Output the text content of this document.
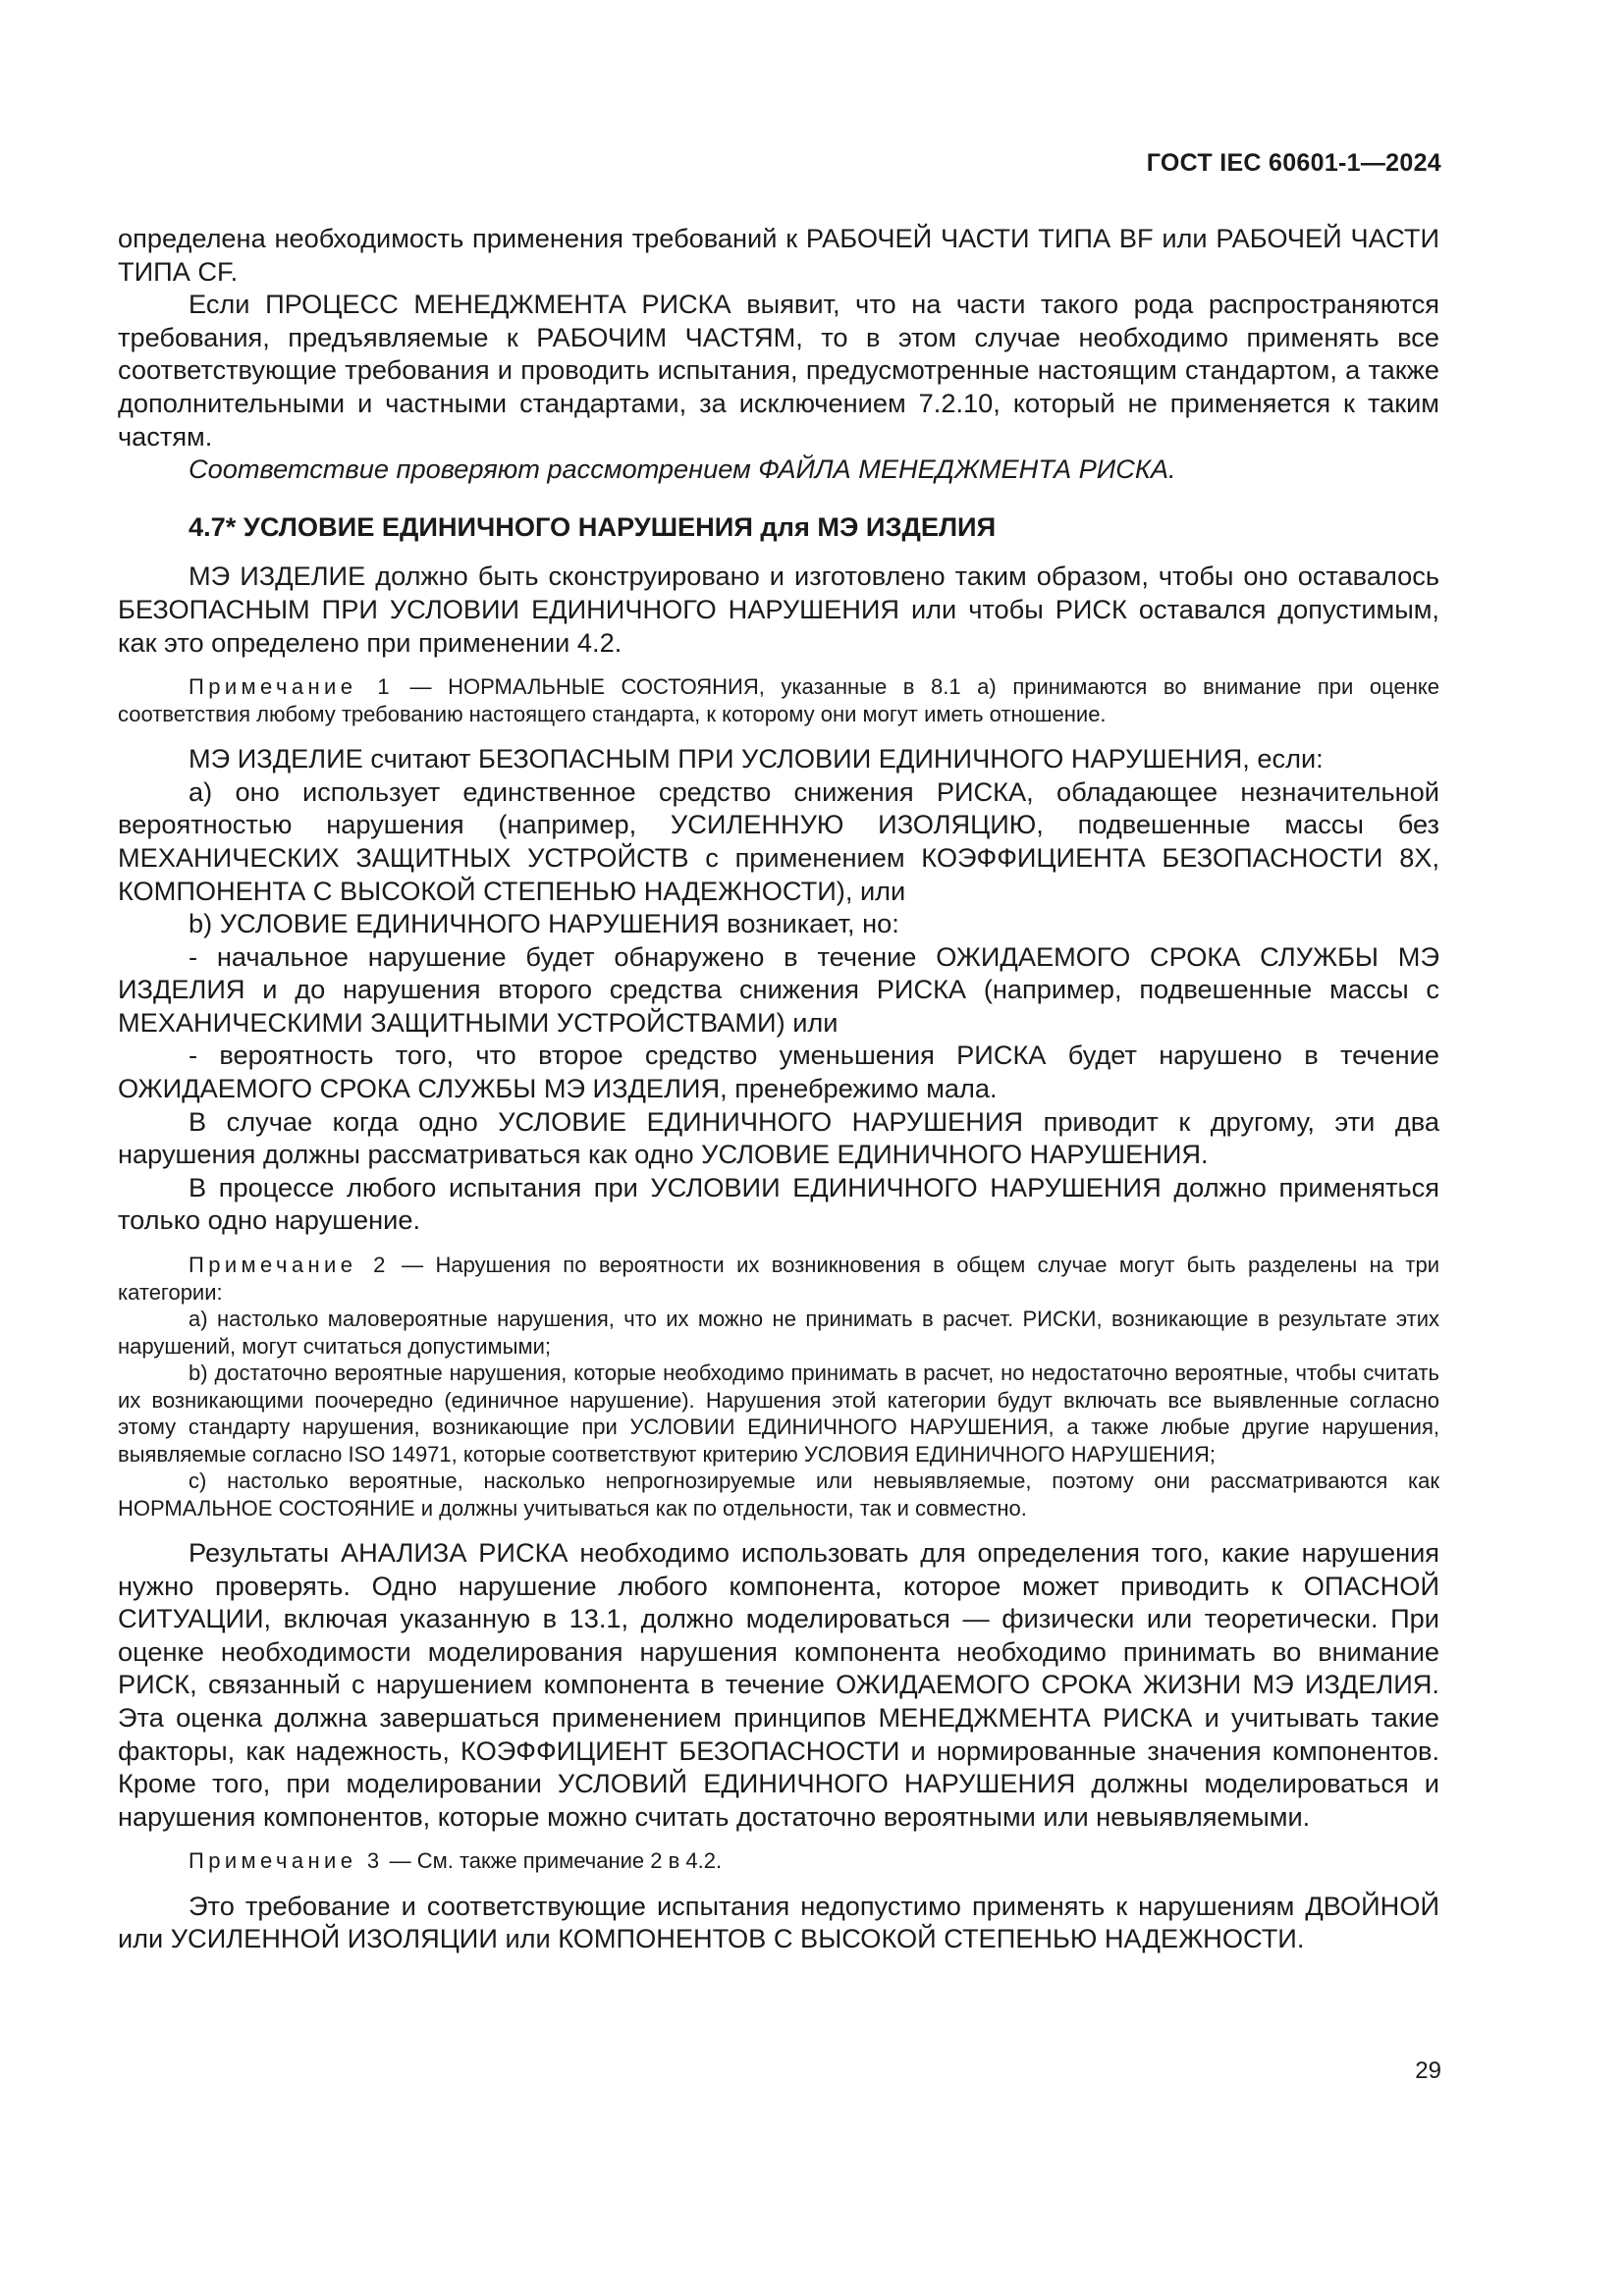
ГОСТ IEC 60601-1—2024

определена необходимость применения требований к РАБОЧЕЙ ЧАСТИ ТИПА BF или РАБОЧЕЙ ЧАСТИ ТИПА CF.

Если ПРОЦЕСС МЕНЕДЖМЕНТА РИСКА выявит, что на части такого рода распространяются требования, предъявляемые к РАБОЧИМ ЧАСТЯМ, то в этом случае необходимо применять все соответствующие требования и проводить испытания, предусмотренные настоящим стандартом, а также дополнительными и частными стандартами, за исключением 7.2.10, который не применяется к таким частям.

Соответствие проверяют рассмотрением ФАЙЛА МЕНЕДЖМЕНТА РИСКА.

4.7* УСЛОВИЕ ЕДИНИЧНОГО НАРУШЕНИЯ для МЭ ИЗДЕЛИЯ

МЭ ИЗДЕЛИЕ должно быть сконструировано и изготовлено таким образом, чтобы оно оставалось БЕЗОПАСНЫМ ПРИ УСЛОВИИ ЕДИНИЧНОГО НАРУШЕНИЯ или чтобы РИСК оставался допустимым, как это определено при применении 4.2.

Примечание 1 — НОРМАЛЬНЫЕ СОСТОЯНИЯ, указанные в 8.1 а) принимаются во внимание при оценке соответствия любому требованию настоящего стандарта, к которому они могут иметь отношение.

МЭ ИЗДЕЛИЕ считают БЕЗОПАСНЫМ ПРИ УСЛОВИИ ЕДИНИЧНОГО НАРУШЕНИЯ, если:

а) оно использует единственное средство снижения РИСКА, обладающее незначительной вероятностью нарушения (например, УСИЛЕННУЮ ИЗОЛЯЦИЮ, подвешенные массы без МЕХАНИЧЕСКИХ ЗАЩИТНЫХ УСТРОЙСТВ с применением КОЭФФИЦИЕНТА БЕЗОПАСНОСТИ 8Х, КОМПОНЕНТА С ВЫСОКОЙ СТЕПЕНЬЮ НАДЕЖНОСТИ), или

b) УСЛОВИЕ ЕДИНИЧНОГО НАРУШЕНИЯ возникает, но:

- начальное нарушение будет обнаружено в течение ОЖИДАЕМОГО СРОКА СЛУЖБЫ МЭ ИЗДЕЛИЯ и до нарушения второго средства снижения РИСКА (например, подвешенные массы с МЕХАНИЧЕСКИМИ ЗАЩИТНЫМИ УСТРОЙСТВАМИ) или

- вероятность того, что второе средство уменьшения РИСКА будет нарушено в течение ОЖИДАЕМОГО СРОКА СЛУЖБЫ МЭ ИЗДЕЛИЯ, пренебрежимо мала.

В случае когда одно УСЛОВИЕ ЕДИНИЧНОГО НАРУШЕНИЯ приводит к другому, эти два нарушения должны рассматриваться как одно УСЛОВИЕ ЕДИНИЧНОГО НАРУШЕНИЯ.

В процессе любого испытания при УСЛОВИИ ЕДИНИЧНОГО НАРУШЕНИЯ должно применяться только одно нарушение.

Примечание 2 — Нарушения по вероятности их возникновения в общем случае могут быть разделены на три категории:

а) настолько маловероятные нарушения, что их можно не принимать в расчет. РИСКИ, возникающие в результате этих нарушений, могут считаться допустимыми;

b) достаточно вероятные нарушения, которые необходимо принимать в расчет, но недостаточно вероятные, чтобы считать их возникающими поочередно (единичное нарушение). Нарушения этой категории будут включать все выявленные согласно этому стандарту нарушения, возникающие при УСЛОВИИ ЕДИНИЧНОГО НАРУШЕНИЯ, а также любые другие нарушения, выявляемые согласно ISO 14971, которые соответствуют критерию УСЛОВИЯ ЕДИНИЧНОГО НАРУШЕНИЯ;

с) настолько вероятные, насколько непрогнозируемые или невыявляемые, поэтому они рассматриваются как НОРМАЛЬНОЕ СОСТОЯНИЕ и должны учитываться как по отдельности, так и совместно.

Результаты АНАЛИЗА РИСКА необходимо использовать для определения того, какие нарушения нужно проверять. Одно нарушение любого компонента, которое может приводить к ОПАСНОЙ СИТУАЦИИ, включая указанную в 13.1, должно моделироваться — физически или теоретически. При оценке необходимости моделирования нарушения компонента необходимо принимать во внимание РИСК, связанный с нарушением компонента в течение ОЖИДАЕМОГО СРОКА ЖИЗНИ МЭ ИЗДЕЛИЯ. Эта оценка должна завершаться применением принципов МЕНЕДЖМЕНТА РИСКА и учитывать такие факторы, как надежность, КОЭФФИЦИЕНТ БЕЗОПАСНОСТИ и нормированные значения компонентов. Кроме того, при моделировании УСЛОВИЙ ЕДИНИЧНОГО НАРУШЕНИЯ должны моделироваться и нарушения компонентов, которые можно считать достаточно вероятными или невыявляемыми.

Примечание 3 — См. также примечание 2 в 4.2.

Это требование и соответствующие испытания недопустимо применять к нарушениям ДВОЙНОЙ или УСИЛЕННОЙ ИЗОЛЯЦИИ или КОМПОНЕНТОВ С ВЫСОКОЙ СТЕПЕНЬЮ НАДЕЖНОСТИ.

29
